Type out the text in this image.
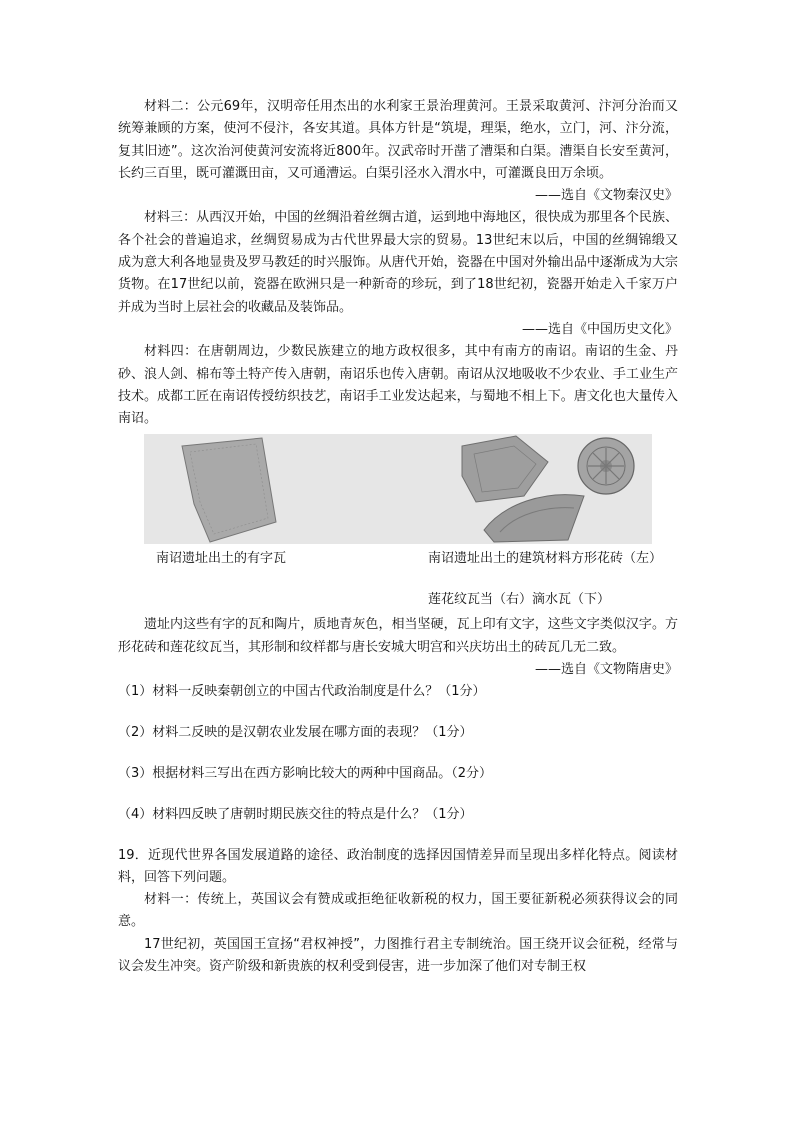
材料二：公元69年，汉明帝任用杰出的水利家王景治理黄河。王景采取黄河、汴河分治而又统筹兼顾的方案，使河不侵汴，各安其道。具体方针是“筑堤，理渠，绝水，立门，河、汴分流，复其旧迹”。这次治河使黄河安流将近800年。汉武帝时开凿了漕渠和白渠。漕渠自长安至黄河，长约三百里，既可灌溉田亩，又可通漕运。白渠引泾水入渭水中，可灌溉良田万余顷。

——选自《文物秦汉史》

材料三：从西汉开始，中国的丝绸沿着丝绸古道，运到地中海地区，很快成为那里各个民族、各个社会的普遍追求，丝绸贸易成为古代世界最大宗的贸易。13世纪末以后，中国的丝绸锦缎又成为意大利各地显贵及罗马教廷的时兴服饰。从唐代开始，瓷器在中国对外输出品中逐渐成为大宗货物。在17世纪以前，瓷器在欧洲只是一种新奇的珍玩，到了18世纪初，瓷器开始走入千家万户并成为当时上层社会的收藏品及装饰品。

——选自《中国历史文化》

材料四：在唐朝周边，少数民族建立的地方政权很多，其中有南方的南诏。南诏的生金、丹砂、浪人剑、棉布等土特产传入唐朝，南诏乐也传入唐朝。南诏从汉地吸收不少农业、手工业生产技术。成都工匠在南诏传授纺织技艺，南诏手工业发达起来，与蜀地不相上下。唐文化也大量传入南诏。

南诏遗址出土的有字瓦	南诏遗址出土的建筑材料方形花砖（左）
莲花纹瓦当（右）滴水瓦（下）

遗址内这些有字的瓦和陶片，质地青灰色，相当坚硬，瓦上印有文字，这些文字类似汉字。方形花砖和莲花纹瓦当，其形制和纹样都与唐长安城大明宫和兴庆坊出土的砖瓦几无二致。

——选自《文物隋唐史》

（1）材料一反映秦朝创立的中国古代政治制度是什么？（1分）

（2）材料二反映的是汉朝农业发展在哪方面的表现？（1分）

（3）根据材料三写出在西方影响比较大的两种中国商品。（2分）

（4）材料四反映了唐朝时期民族交往的特点是什么？（1分）

19．近现代世界各国发展道路的途径、政治制度的选择因国情差异而呈现出多样化特点。阅读材料，回答下列问题。

材料一：传统上，英国议会有赞成或拒绝征收新税的权力，国王要征新税必须获得议会的同意。

17世纪初，英国国王宣扬“君权神授”，力图推行君主专制统治。国王绕开议会征税，经常与议会发生冲突。资产阶级和新贵族的权利受到侵害，进一步加深了他们对专制王权
